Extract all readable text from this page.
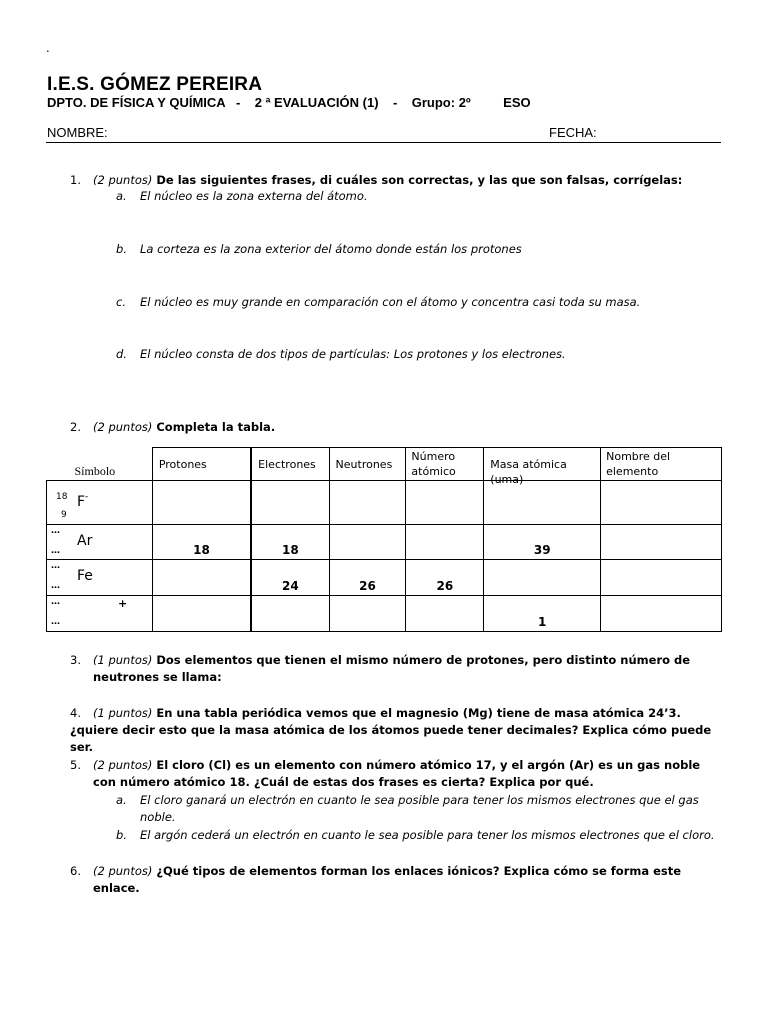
.
I.E.S. GÓMEZ PEREIRA
DPTO. DE FÍSICA Y QUÍMICA   -    2 ª EVALUACIÓN (1)    -    Grupo: 2º         ESO
NOMBRE:	FECHA:
1. (2 puntos) De las siguientes frases, di cuáles son correctas, y las que son falsas, corrígelas:
a. El núcleo es la zona externa del átomo.
b. La corteza es la zona exterior del átomo donde están los protones
c. El núcleo es muy grande en comparación con el átomo y concentra casi toda su masa.
d. El núcleo consta de dos tipos de partículas: Los protones y los electrones.
2. (2 puntos) Completa la tabla.
Símbolo	Protones	Electrones	Neutrones	Número atómico	Masa atómica (uma)	Nombre del elemento

18
9
F -						

…
…
Ar	18	18			39	

…
…
Fe		24	26	26		

…
…
+					1	

3. (1 puntos) Dos elementos que tienen el mismo número de protones, pero distinto número de neutrones se llama:
4.	(1 puntos) En una tabla periódica vemos que el magnesio (Mg) tiene de masa atómica 24’3. ¿quiere decir esto que la masa atómica de los átomos puede tener decimales? Explica cómo puede ser.
5. (2 puntos) El cloro (Cl) es un elemento con número atómico 17, y el argón (Ar) es un gas noble con número atómico 18. ¿Cuál de estas dos frases es cierta? Explica por qué.
a. El cloro ganará un electrón en cuanto le sea posible para tener los mismos electrones que el gas noble.
b. El argón cederá un electrón en cuanto le sea posible para tener los mismos electrones que el cloro.
6. (2 puntos) ¿Qué tipos de elementos forman los enlaces iónicos? Explica cómo se forma este enlace.
